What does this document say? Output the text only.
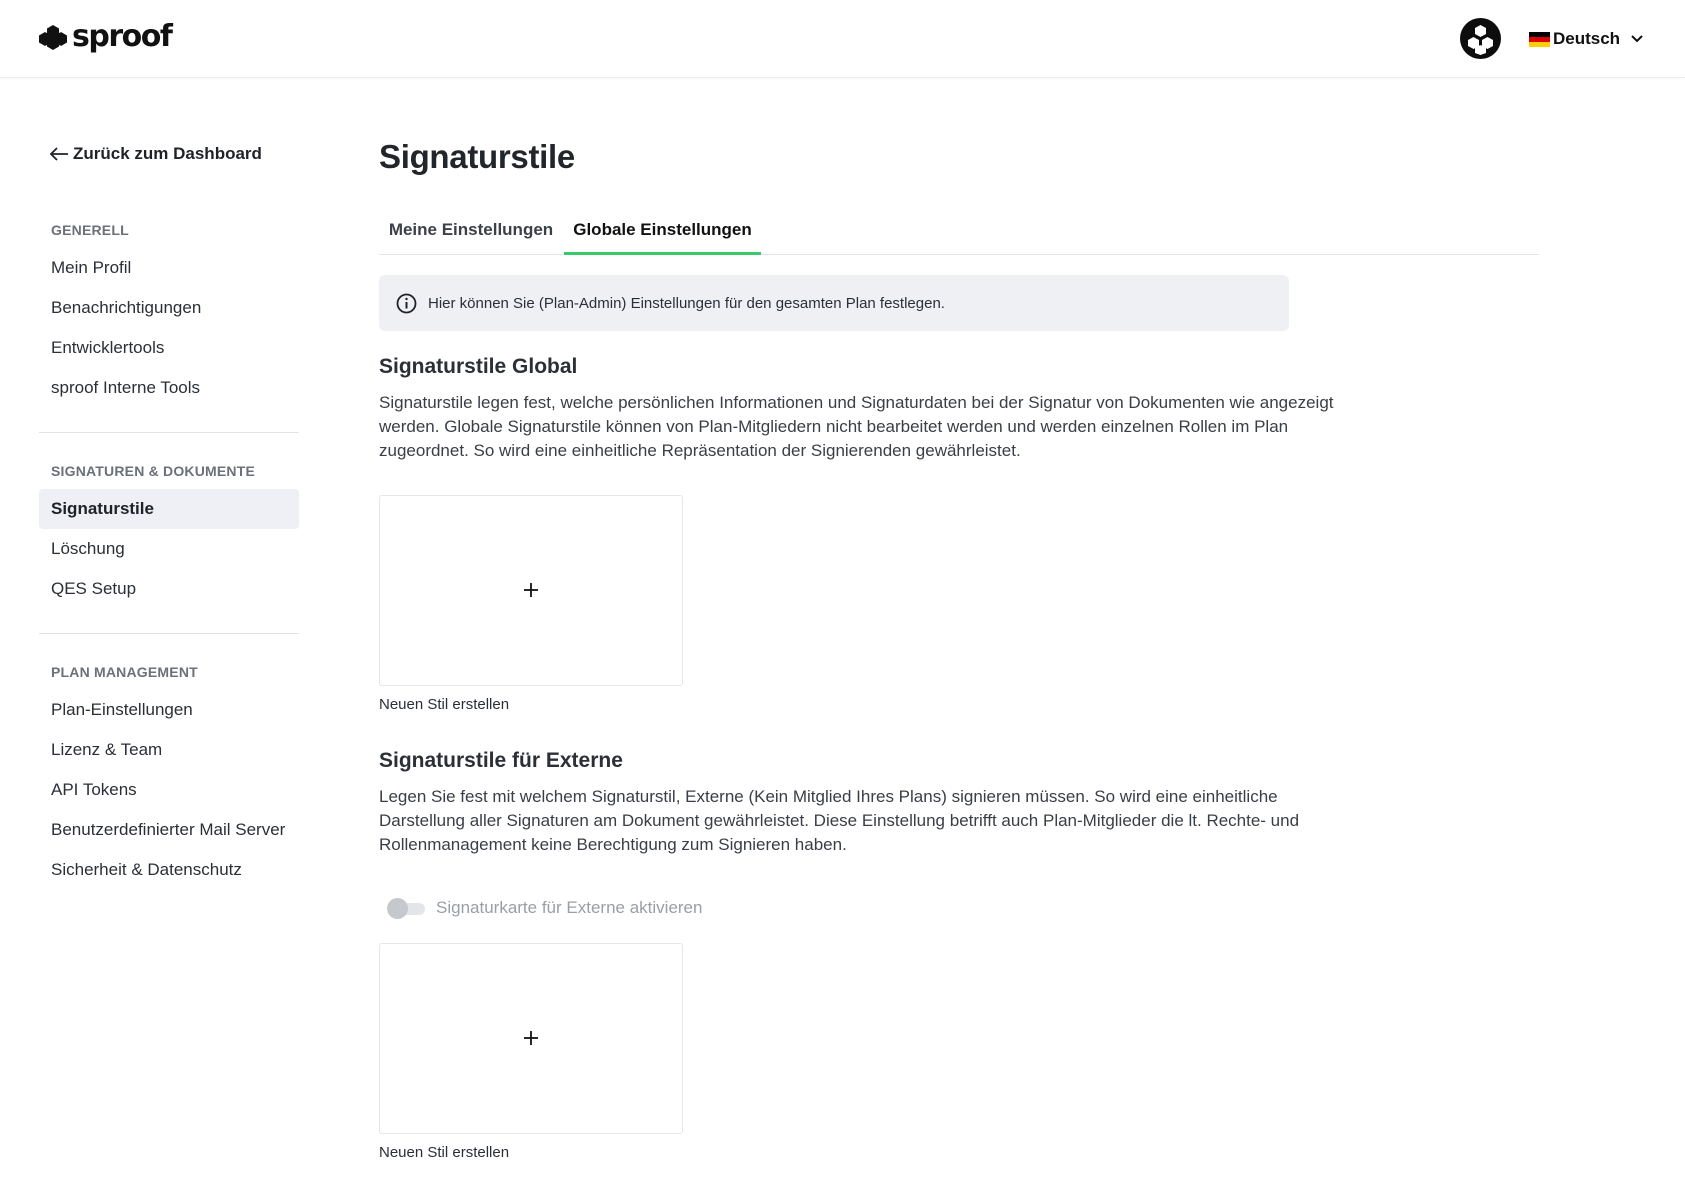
sproof	Deutsch
Zurück zum Dashboard
GENERELL
Mein Profil
Benachrichtigungen
Entwicklertools
sproof Interne Tools
SIGNATUREN & DOKUMENTE
Signaturstile
Löschung
QES Setup
PLAN MANAGEMENT
Plan-Einstellungen
Lizenz & Team
API Tokens
Benutzerdefinierter Mail Server
Sicherheit & Datenschutz
Signaturstile
Meine Einstellungen	Globale Einstellungen
Hier können Sie (Plan-Admin) Einstellungen für den gesamten Plan festlegen.
Signaturstile Global

Signaturstile legen fest, welche persönlichen Informationen und Signaturdaten bei der Signatur von Dokumenten wie angezeigt werden. Globale Signaturstile können von Plan-Mitgliedern nicht bearbeitet werden und werden einzelnen Rollen im Plan zugeordnet. So wird eine einheitliche Repräsentation der Signierenden gewährleistet.

Neuen Stil erstellen
Signaturstile für Externe

Legen Sie fest mit welchem Signaturstil, Externe (Kein Mitglied Ihres Plans) signieren müssen. So wird eine einheitliche Darstellung aller Signaturen am Dokument gewährleistet. Diese Einstellung betrifft auch Plan-Mitglieder die lt. Rechte- und Rollenmanagement keine Berechtigung zum Signieren haben.

Signaturkarte für Externe aktivieren
Neuen Stil erstellen
